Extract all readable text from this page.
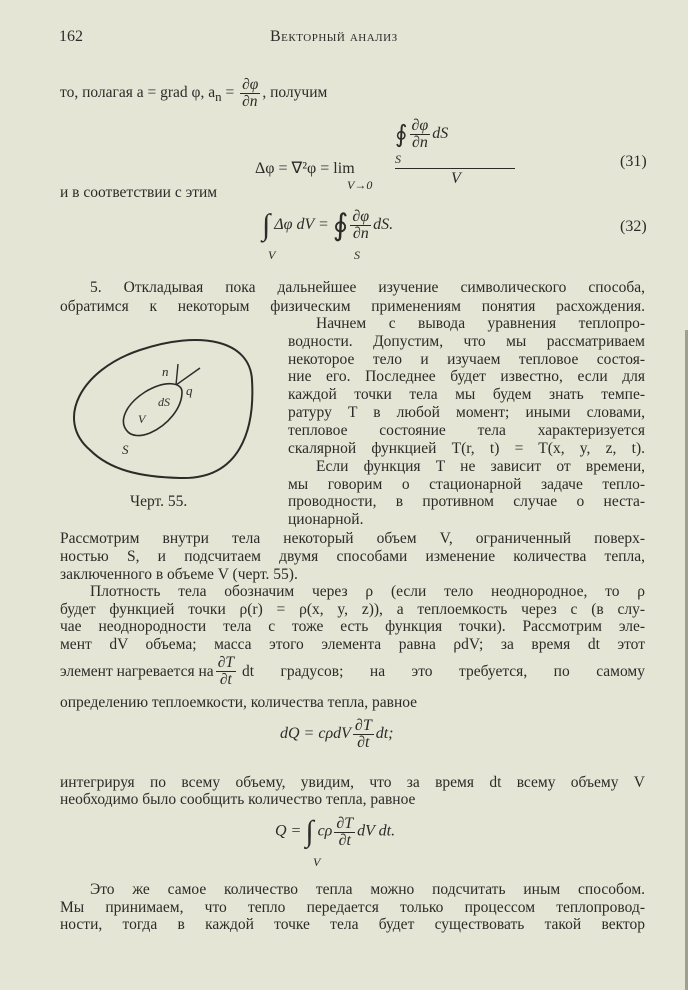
162	Векторный анализ
то, полагая a = grad φ, $a_n = \frac{\partial\varphi}{\partial n}$ , получим
∮ $\frac{\partial\varphi}{\partial n}$ dS
S
Δφ = ∇²φ = lim
V→0	V
(31)
и в соответствии с этим
∫ Δφ dV = ∮ $\frac{\partial\varphi}{\partial n}$ dS.
V	S
(32)
5. Откладывая пока дальнейшее изучение символического способа,
обратимся к некоторым физическим применениям понятия расхождения.
Начнем с вывода уравнения теплопро-
водности. Допустим, что мы рассматриваем
некоторое тело и изучаем тепловое состоя-
ние его. Последнее будет известно, если для
каждой точки тела мы будем знать темпе-
ратуру T в любой момент; иными словами,
тепловое состояние тела характеризуется
скалярной функцией T(r, t) = T(x, y, z, t).
Если функция T не зависит от времени,
мы говорим о стационарной задаче тепло-
проводности, в противном случае о неста-
ционарной.
n
q
dS
V
S
Черт. 55.
Рассмотрим внутри тела некоторый объем V, ограниченный поверх-
ностью S, и подсчитаем двумя способами изменение количества тепла,
заключенного в объеме V (черт. 55).
Плотность тела обозначим через ρ (если тело неоднородное, то ρ
будет функцией точки ρ(r) = ρ(x, y, z)), а теплоемкость через c (в слу-
чае неоднородности тела c тоже есть функция точки). Рассмотрим эле-
мент dV объема; масса этого элемента равна ρdV; за время dt этот
элемент нагревается на $\frac{\partial T}{\partial t}$ dt градусов; на это требуется, по самому
определению теплоемкости, количества тепла, равное
dQ = cρdV $\frac{\partial T}{\partial t}$ dt;
интегрируя по всему объему, увидим, что за время dt всему объему V
необходимо было сообщить количество тепла, равное
Q = ∫ cρ $\frac{\partial T}{\partial t}$ dV dt.
V
Это же самое количество тепла можно подсчитать иным способом.
Мы принимаем, что тепло передается только процессом теплопровод-
ности, тогда в каждой точке тела будет существовать такой вектор
